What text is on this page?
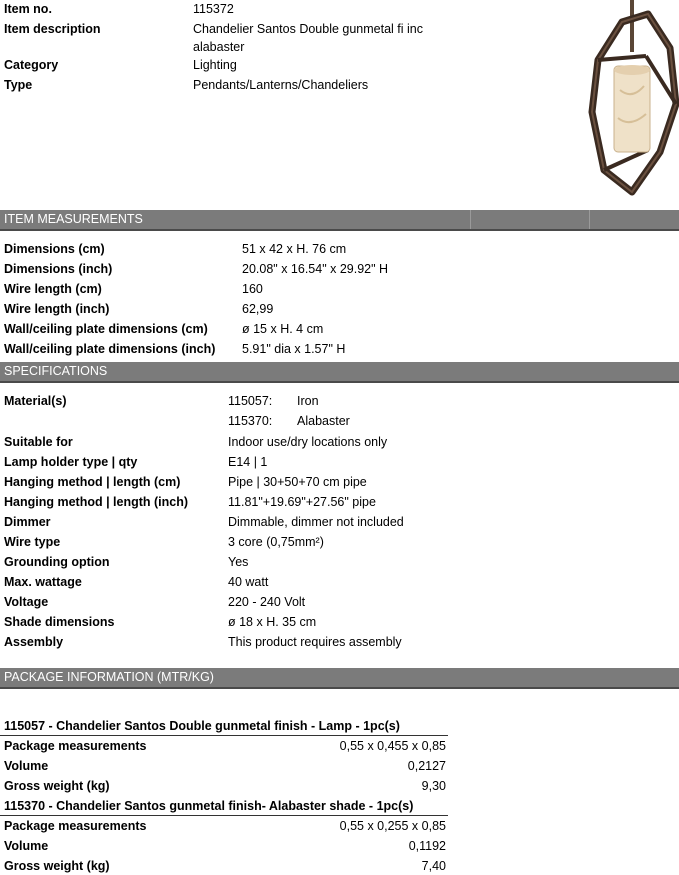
Item no.	115372
Item description	Chandelier Santos Double gunmetal fi inc
alabaster
Category	Lighting
Type	Pendants/Lanterns/Chandeliers
ITEM MEASUREMENTS
Dimensions (cm)	51 x 42 x H. 76 cm
Dimensions (inch)	20.08" x 16.54" x 29.92" H
Wire length (cm)	160
Wire length (inch)	62,99
Wall/ceiling plate dimensions (cm)	ø 15 x H. 4 cm
Wall/ceiling plate dimensions (inch) 5.91" dia x 1.57" H
SPECIFICATIONS
Material(s)	115057: Iron
115370: Alabaster
Suitable for	Indoor use/dry locations only
Lamp holder type | qty	E14 | 1
Hanging method | length (cm)	Pipe | 30+50+70 cm pipe
Hanging method | length (inch)	11.81"+19.69"+27.56" pipe
Dimmer	Dimmable, dimmer not included
Wire type	3 core (0,75mm²)
Grounding option	Yes
Max. wattage	40 watt
Voltage	220 - 240 Volt
Shade dimensions	ø 18 x H. 35 cm
Assembly	This product requires assembly
PACKAGE INFORMATION (MTR/KG)
115057 - Chandelier Santos Double gunmetal finish - Lamp - 1pc(s)
Package measurements	0,55 x 0,455 x 0,85
Volume	0,2127
Gross weight (kg)	9,30
115370 - Chandelier Santos gunmetal finish- Alabaster shade - 1pc(s)
Package measurements	0,55 x 0,255 x 0,85
Volume	0,1192
Gross weight (kg)	7,40
